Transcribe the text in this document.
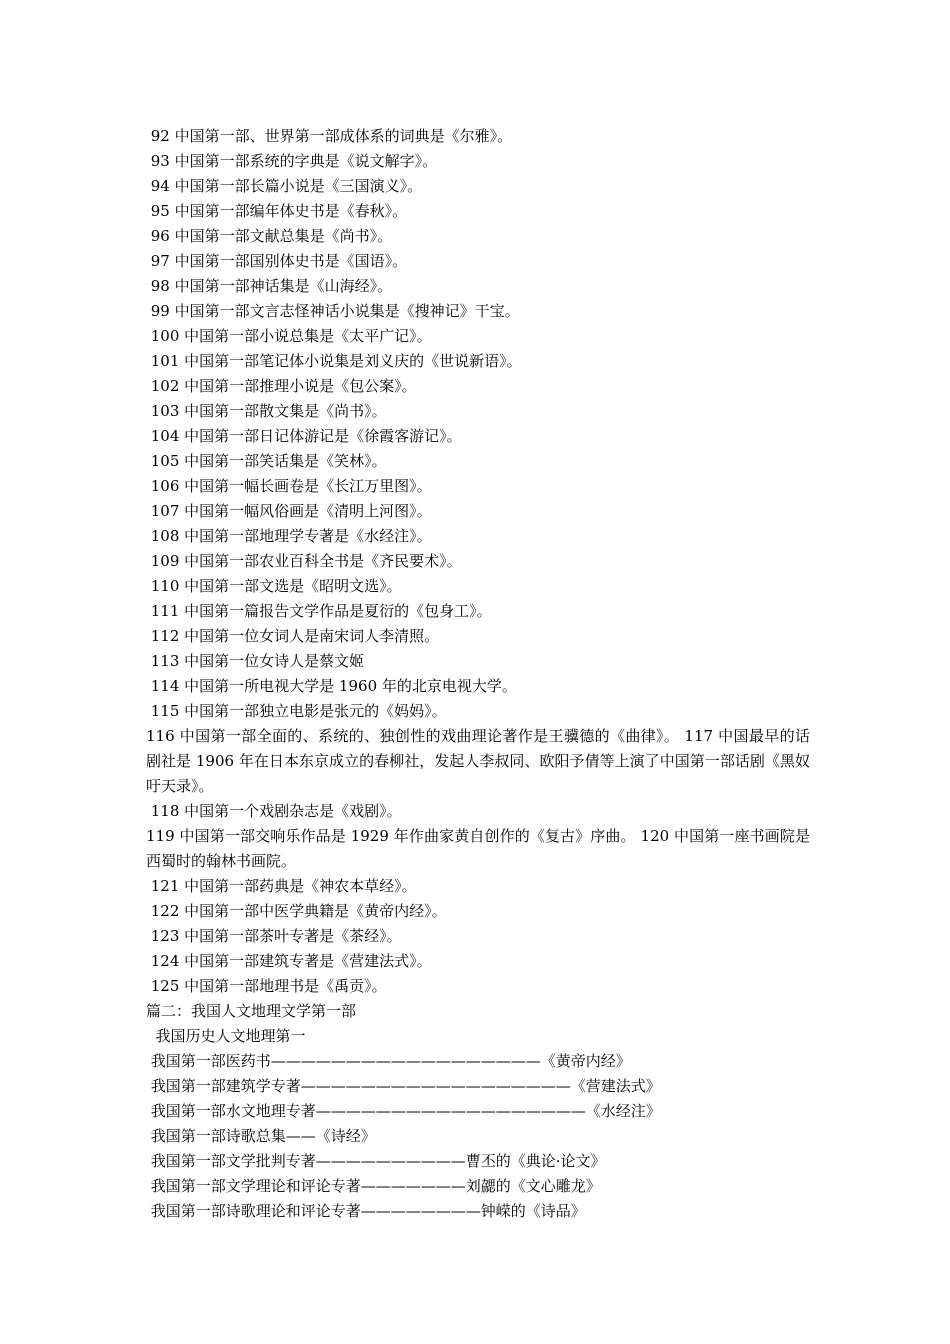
92 中国第一部、世界第一部成体系的词典是《尔雅》。

93 中国第一部系统的字典是《说文解字》。

94 中国第一部长篇小说是《三国演义》。

95 中国第一部编年体史书是《春秋》。

96 中国第一部文献总集是《尚书》。

97 中国第一部国别体史书是《国语》。

98 中国第一部神话集是《山海经》。

99 中国第一部文言志怪神话小说集是《搜神记》干宝。

100 中国第一部小说总集是《太平广记》。

101 中国第一部笔记体小说集是刘义庆的《世说新语》。

102 中国第一部推理小说是《包公案》。

103 中国第一部散文集是《尚书》。

104 中国第一部日记体游记是《徐霞客游记》。

105 中国第一部笑话集是《笑林》。

106 中国第一幅长画卷是《长江万里图》。

107 中国第一幅风俗画是《清明上河图》。

108 中国第一部地理学专著是《水经注》。

109 中国第一部农业百科全书是《齐民要术》。

110 中国第一部文选是《昭明文选》。

111 中国第一篇报告文学作品是夏衍的《包身工》。

112 中国第一位女词人是南宋词人李清照。

113 中国第一位女诗人是蔡文姬

114 中国第一所电视大学是 1960 年的北京电视大学。

115 中国第一部独立电影是张元的《妈妈》。

116 中国第一部全面的、系统的、独创性的戏曲理论著作是王骥德的《曲律》。 117 中国最早的话剧社是 1906 年在日本东京成立的春柳社，发起人李叔同、欧阳予倩等上演了中国第一部话剧《黑奴吁天录》。

118 中国第一个戏剧杂志是《戏剧》。

119 中国第一部交响乐作品是 1929 年作曲家黄自创作的《复古》序曲。 120 中国第一座书画院是西蜀时的翰林书画院。

121 中国第一部药典是《神农本草经》。

122 中国第一部中医学典籍是《黄帝内经》。

123 中国第一部茶叶专著是《茶经》。

124 中国第一部建筑专著是《营建法式》。

125 中国第一部地理书是《禹贡》。

篇二：我国人文地理文学第一部

我国历史人文地理第一

我国第一部医药书——————————————————《黄帝内经》

我国第一部建筑学专著——————————————————《营建法式》

我国第一部水文地理专著——————————————————《水经注》

我国第一部诗歌总集——《诗经》

我国第一部文学批判专著——————————曹丕的《典论·论文》

我国第一部文学理论和评论专著———————刘勰的《文心雕龙》

我国第一部诗歌理论和评论专著————————钟嵘的《诗品》
